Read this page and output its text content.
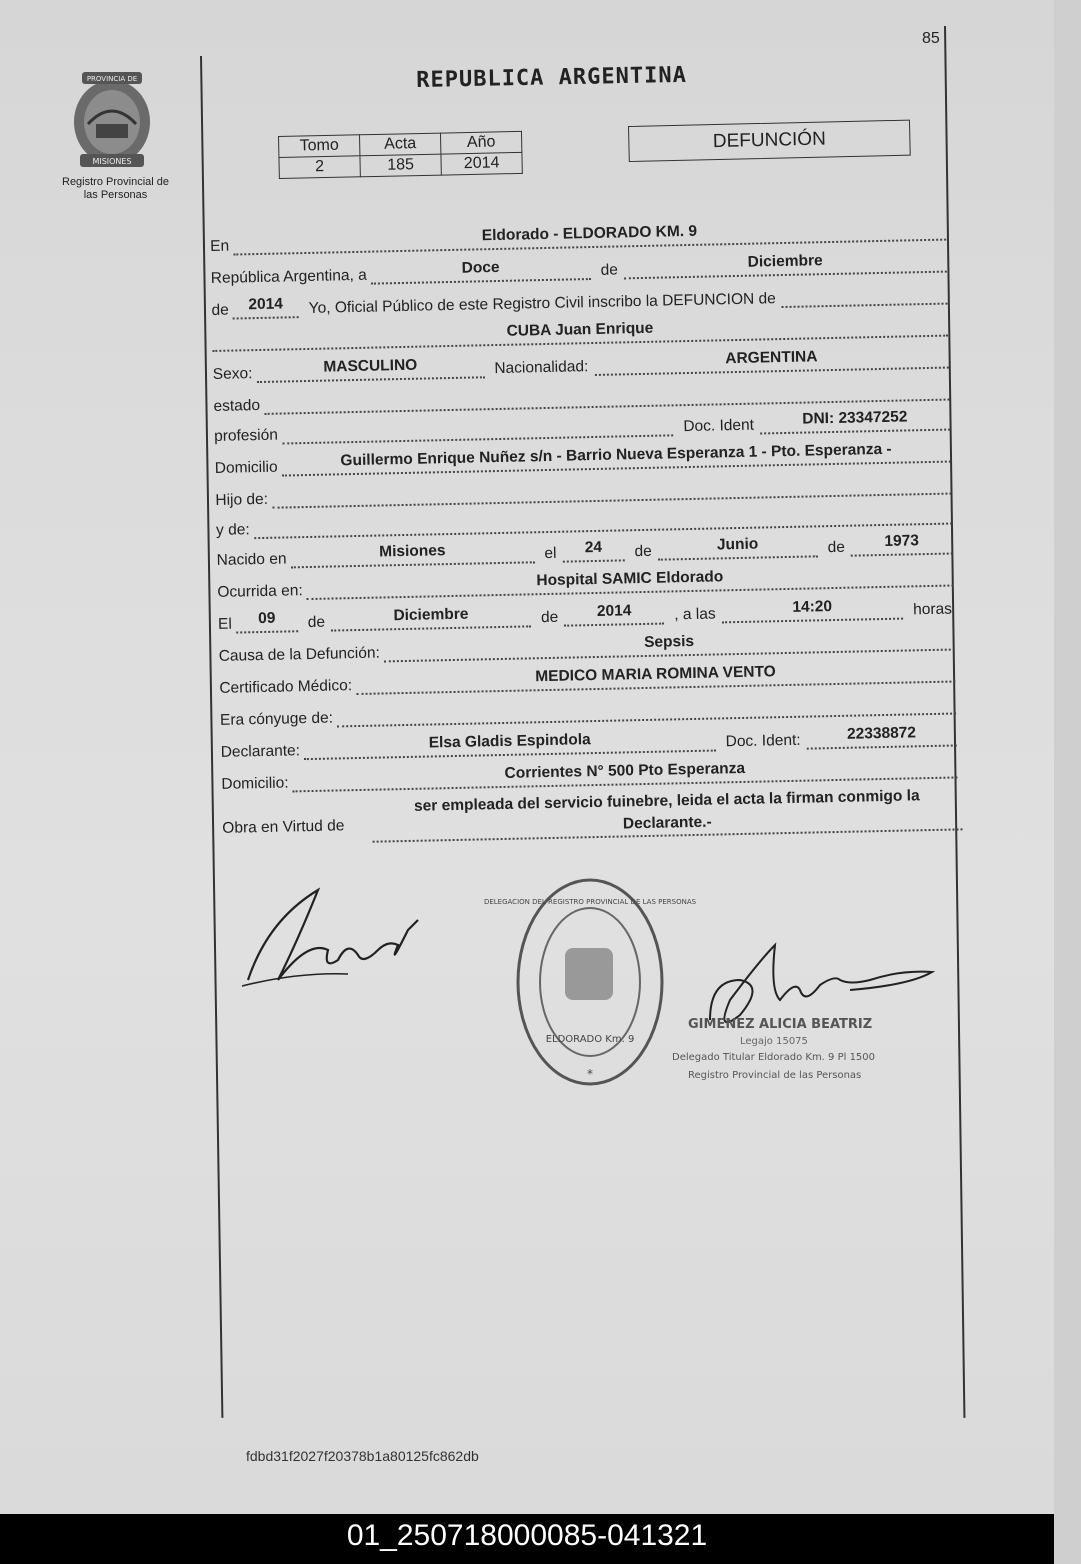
85
PROVINCIA DE
MISIONES
Registro Provincial de
las Personas
REPUBLICA ARGENTINA
Tomo	Acta	Año
2	185	2014
DEFUNCIÓN
En
Eldorado - ELDORADO KM. 9
República Argentina, a	Doce	de	Diciembre
de 2014 Yo, Oficial Público de este Registro Civil inscribo la DEFUNCION de
CUBA Juan Enrique
Sexo:	MASCULINO	Nacionalidad:
ARGENTINA
estado
profesión
Doc. Ident	DNI: 23347252
Domicilio	Guillermo Enrique Nuñez s/n - Barrio Nueva Esperanza 1 - Pto. Esperanza -
Hijo de:
y de:
Nacido en	Misiones	el 24 de	Junio	de	1973
Ocurrida en:
Hospital SAMIC Eldorado
El 09 de	Diciembre	de 2014	, a las	14:20	horas
Causa de la Defunción:
Sepsis
Certificado Médico:
MEDICO MARIA ROMINA VENTO
Era cónyuge de:
Declarante:
Elsa Gladis Espindola	Doc. Ident:	22338872
Domicilio:
Corrientes N° 500 Pto Esperanza
Obra en Virtud de
ser empleada del servicio fuinebre, leida el acta la firman conmigo la Declarante.-
ELDORADO Km. 9
DELEGACION DEL REGISTRO PROVINCIAL DE LAS PERSONAS
*
GIMENEZ ALICIA BEATRIZ
Legajo 15075
Delegado Titular Eldorado Km. 9 Pl 1500
Registro Provincial de las Personas
fdbd31f2027f20378b1a80125fc862db
01_250718000085-041321
